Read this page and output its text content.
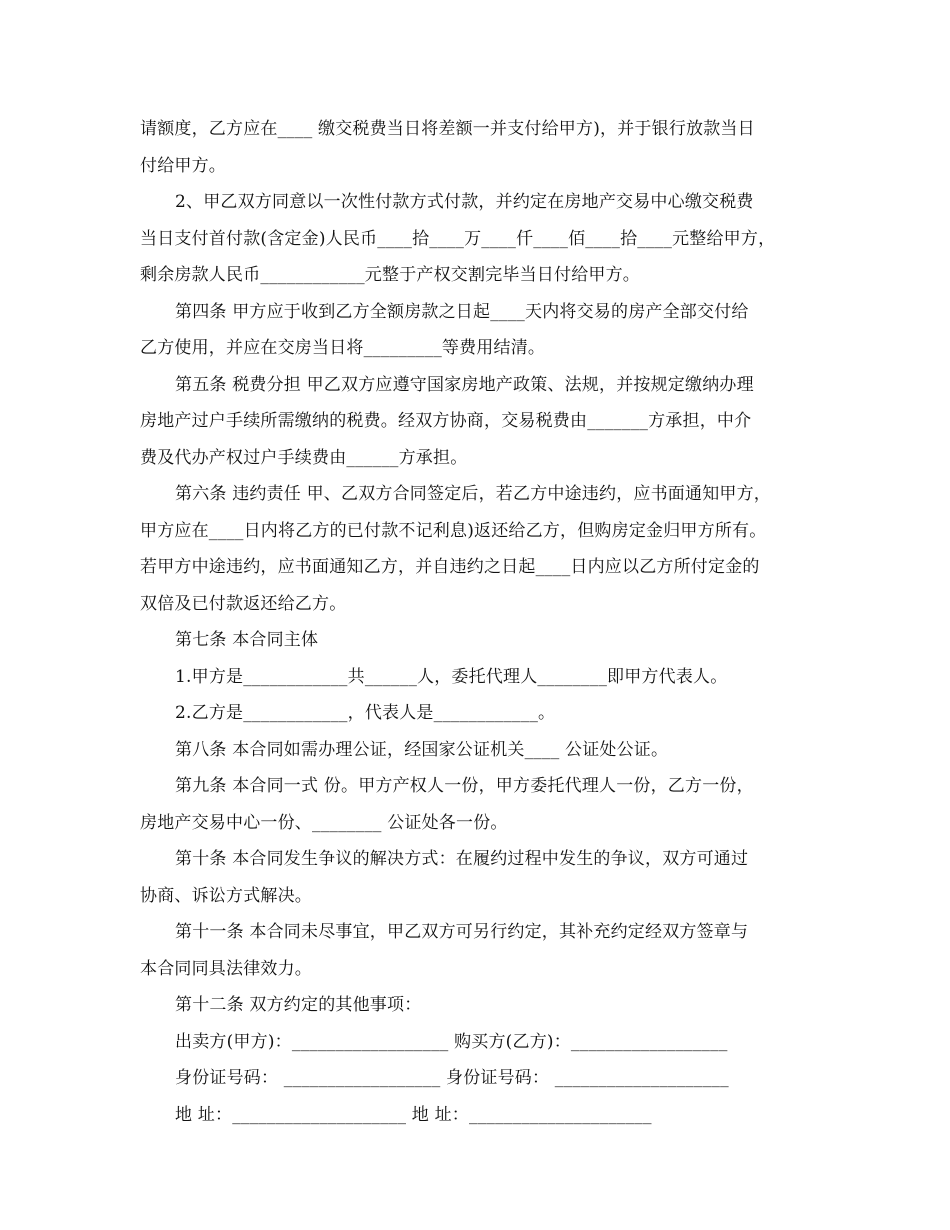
请额度，乙方应在____ 缴交税费当日将差额一并支付给甲方)，并于银行放款当日
付给甲方。
2、甲乙双方同意以一次性付款方式付款，并约定在房地产交易中心缴交税费
当日支付首付款(含定金)人民币____拾____万____仟____佰____拾____元整给甲方，
剩余房款人民币____________元整于产权交割完毕当日付给甲方。
第四条 甲方应于收到乙方全额房款之日起____天内将交易的房产全部交付给
乙方使用，并应在交房当日将_________等费用结清。
第五条 税费分担 甲乙双方应遵守国家房地产政策、法规，并按规定缴纳办理
房地产过户手续所需缴纳的税费。经双方协商，交易税费由_______方承担，中介
费及代办产权过户手续费由______方承担。
第六条 违约责任 甲、乙双方合同签定后，若乙方中途违约，应书面通知甲方，
甲方应在____日内将乙方的已付款不记利息)返还给乙方，但购房定金归甲方所有。
若甲方中途违约，应书面通知乙方，并自违约之日起____日内应以乙方所付定金的
双倍及已付款返还给乙方。
第七条 本合同主体
1.甲方是____________共______人，委托代理人________即甲方代表人。
2.乙方是____________，代表人是____________。
第八条 本合同如需办理公证，经国家公证机关____ 公证处公证。
第九条 本合同一式 份。甲方产权人一份，甲方委托代理人一份，乙方一份，
房地产交易中心一份、________ 公证处各一份。
第十条 本合同发生争议的解决方式：在履约过程中发生的争议，双方可通过
协商、诉讼方式解决。
第十一条 本合同未尽事宜，甲乙双方可另行约定，其补充约定经双方签章与
本合同同具法律效力。
第十二条 双方约定的其他事项：
出卖方(甲方)：__________________ 购买方(乙方)：__________________
身份证号码： __________________ 身份证号码： ____________________
地 址：____________________ 地 址：_____________________
